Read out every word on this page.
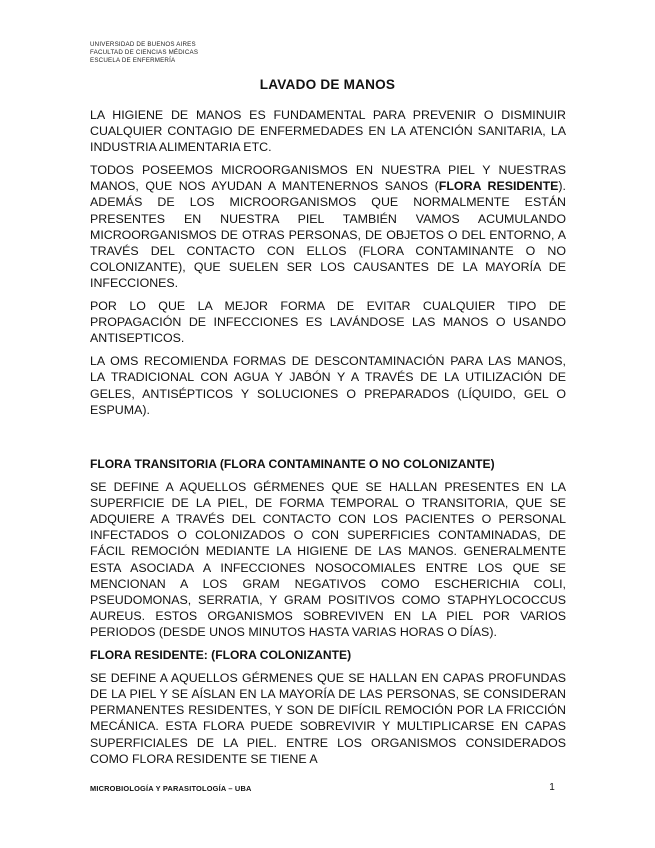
UNIVERSIDAD DE BUENOS AIRES
FACULTAD DE CIENCIAS MÉDICAS
ESCUELA DE ENFERMERÍA
LAVADO DE MANOS

LA HIGIENE DE MANOS ES FUNDAMENTAL PARA PREVENIR O DISMINUIR CUALQUIER CONTAGIO DE ENFERMEDADES EN LA ATENCIÓN SANITARIA, LA INDUSTRIA ALIMENTARIA ETC.

TODOS POSEEMOS MICROORGANISMOS EN NUESTRA PIEL Y NUESTRAS MANOS, QUE NOS AYUDAN A MANTENERNOS SANOS (FLORA RESIDENTE). ADEMÁS DE LOS MICROORGANISMOS QUE NORMALMENTE ESTÁN PRESENTES EN NUESTRA PIEL TAMBIÉN VAMOS ACUMULANDO MICROORGANISMOS DE OTRAS PERSONAS, DE OBJETOS O DEL ENTORNO, A TRAVÉS DEL CONTACTO CON ELLOS (FLORA CONTAMINANTE O NO COLONIZANTE), QUE SUELEN SER LOS CAUSANTES DE LA MAYORÍA DE INFECCIONES.

POR LO QUE LA MEJOR FORMA DE EVITAR CUALQUIER TIPO DE PROPAGACIÓN DE INFECCIONES ES LAVÁNDOSE LAS MANOS O USANDO ANTISEPTICOS.

LA OMS RECOMIENDA FORMAS DE DESCONTAMINACIÓN PARA LAS MANOS, LA TRADICIONAL CON AGUA Y JABÓN Y A TRAVÉS DE LA UTILIZACIÓN DE GELES, ANTISÉPTICOS Y SOLUCIONES O PREPARADOS (LÍQUIDO, GEL O ESPUMA).

FLORA TRANSITORIA (FLORA CONTAMINANTE O NO COLONIZANTE)

SE DEFINE A AQUELLOS GÉRMENES QUE SE HALLAN PRESENTES EN LA SUPERFICIE DE LA PIEL, DE FORMA TEMPORAL O TRANSITORIA, QUE SE ADQUIERE A TRAVÉS DEL CONTACTO CON LOS PACIENTES O PERSONAL INFECTADOS O COLONIZADOS O CON SUPERFICIES CONTAMINADAS, DE FÁCIL REMOCIÓN MEDIANTE LA HIGIENE DE LAS MANOS. GENERALMENTE ESTA ASOCIADA A INFECCIONES NOSOCOMIALES ENTRE LOS QUE SE MENCIONAN A LOS GRAM NEGATIVOS COMO ESCHERICHIA COLI, PSEUDOMONAS, SERRATIA, Y GRAM POSITIVOS COMO STAPHYLOCOCCUS AUREUS. ESTOS ORGANISMOS SOBREVIVEN EN LA PIEL POR VARIOS PERIODOS (DESDE UNOS MINUTOS HASTA VARIAS HORAS O DÍAS).

FLORA RESIDENTE: (FLORA COLONIZANTE)

SE DEFINE A AQUELLOS GÉRMENES QUE SE HALLAN EN CAPAS PROFUNDAS DE LA PIEL Y SE AÍSLAN EN LA MAYORÍA DE LAS PERSONAS, SE CONSIDERAN PERMANENTES RESIDENTES, Y SON DE DIFÍCIL REMOCIÓN POR LA FRICCIÓN MECÁNICA. ESTA FLORA PUEDE SOBREVIVIR Y MULTIPLICARSE EN CAPAS SUPERFICIALES DE LA PIEL. ENTRE LOS ORGANISMOS CONSIDERADOS COMO FLORA RESIDENTE SE TIENE A

MICROBIOLOGÍA Y PARASITOLOGÍA – UBA	1
